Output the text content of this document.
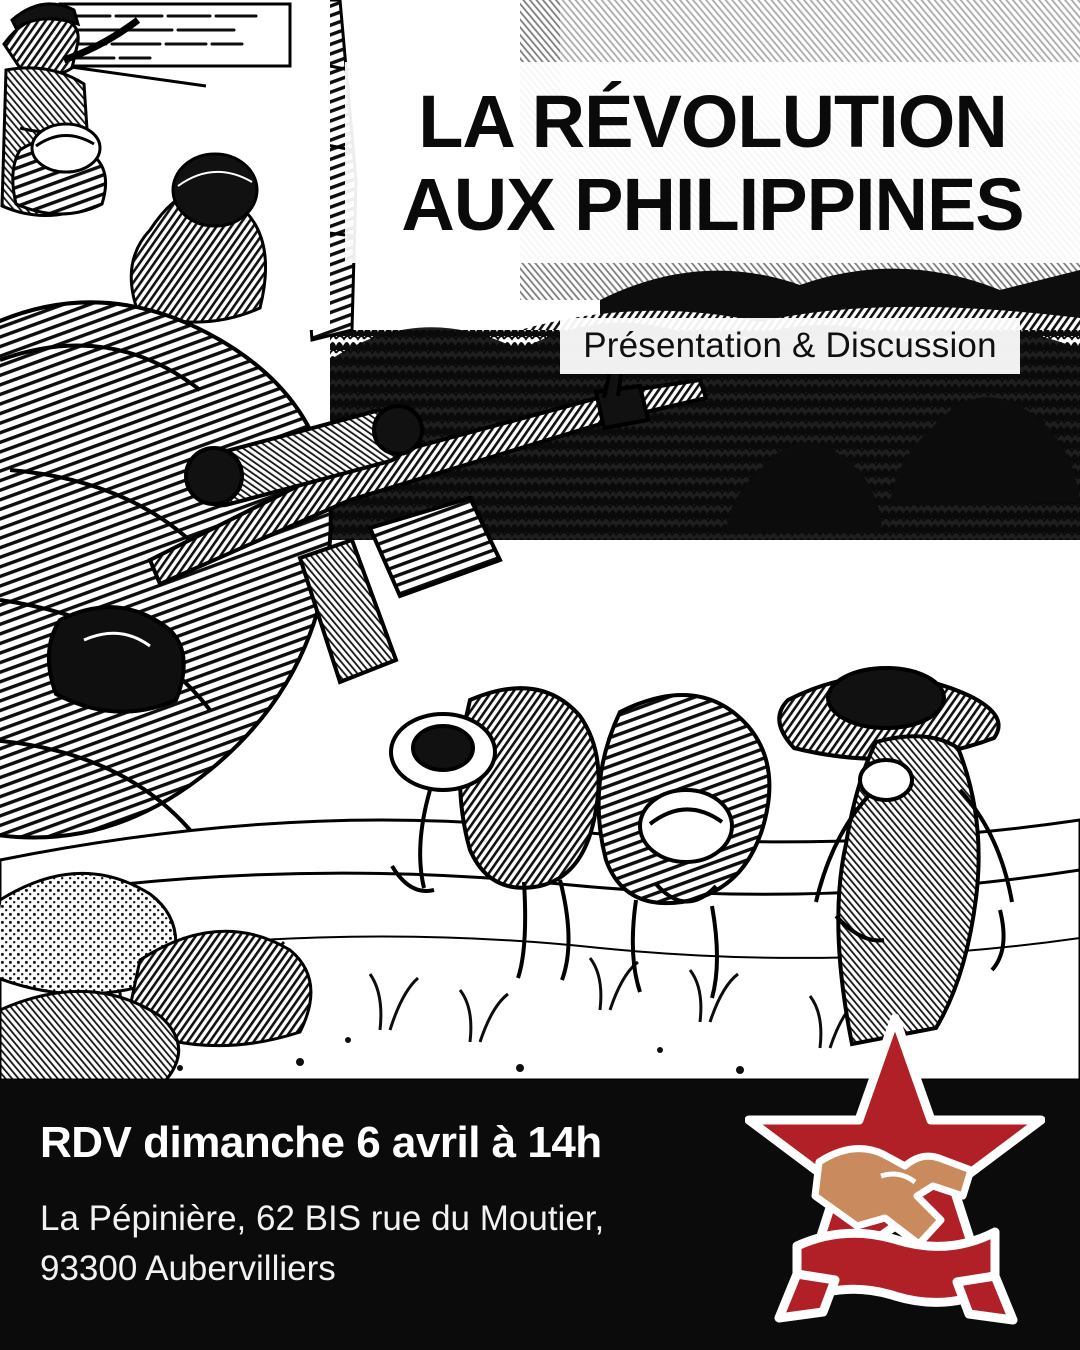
LA RÉVOLUTION
AUX PHILIPPINES
Présentation & Discussion
RDV dimanche 6 avril à 14h
La Pépinière, 62 BIS rue du Moutier,
93300 Aubervilliers
